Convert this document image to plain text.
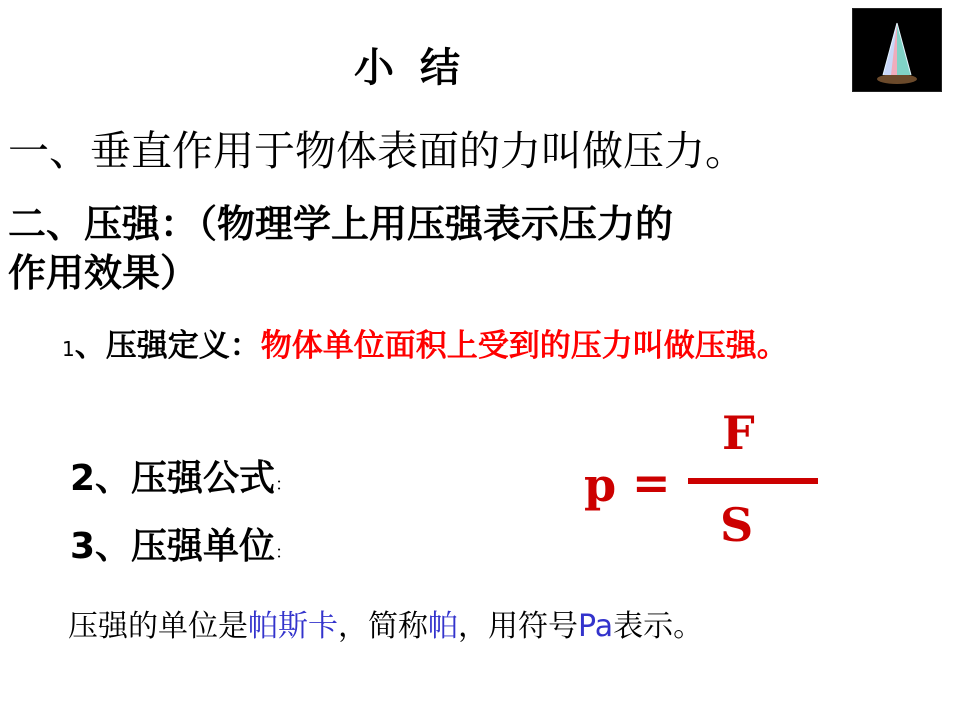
小 结
一、垂直作用于物体表面的力叫做压力。
二、压强：（物理学上用压强表示压力的作用效果）
1、压强定义：物体单位面积上受到的压力叫做压强。
2、压强公式：
3、压强单位：
p =
F
S
压强的单位是帕斯卡，简称帕，用符号Pa表示。
